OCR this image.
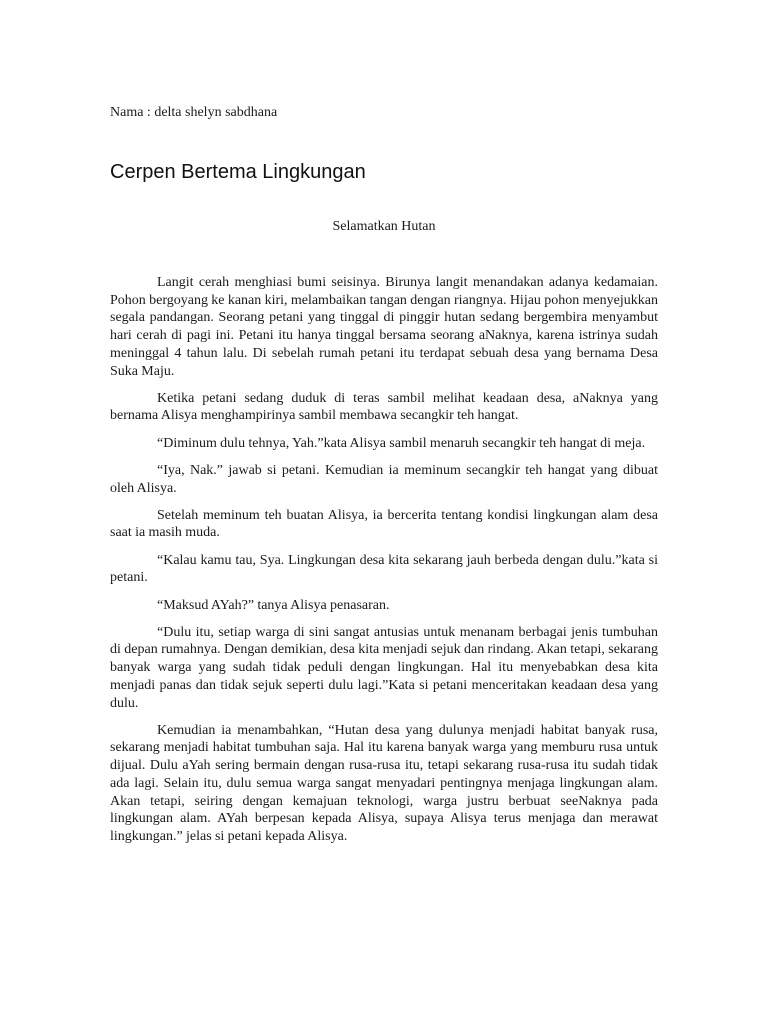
Nama : delta shelyn sabdhana
Cerpen Bertema Lingkungan
Selamatkan Hutan

Langit cerah menghiasi bumi seisinya. Birunya langit menandakan adanya kedamaian. Pohon bergoyang ke kanan kiri, melambaikan tangan dengan riangnya. Hijau pohon menyejukkan segala pandangan. Seorang petani yang tinggal di pinggir hutan sedang bergembira menyambut hari cerah di pagi ini. Petani itu hanya tinggal bersama seorang aNaknya, karena istrinya sudah meninggal 4 tahun lalu. Di sebelah rumah petani itu terdapat sebuah desa yang bernama Desa Suka Maju.

Ketika petani sedang duduk di teras sambil melihat keadaan desa, aNaknya yang bernama Alisya menghampirinya sambil membawa secangkir teh hangat.

“Diminum dulu tehnya, Yah.”kata Alisya sambil menaruh secangkir teh hangat di meja.

“Iya, Nak.” jawab si petani. Kemudian ia meminum secangkir teh hangat yang dibuat oleh Alisya.

Setelah meminum teh buatan Alisya, ia bercerita tentang kondisi lingkungan alam desa saat ia masih muda.

“Kalau kamu tau, Sya. Lingkungan desa kita sekarang jauh berbeda dengan dulu.”kata si petani.

“Maksud AYah?” tanya Alisya penasaran.

“Dulu itu, setiap warga di sini sangat antusias untuk menanam berbagai jenis tumbuhan di depan rumahnya. Dengan demikian, desa kita menjadi sejuk dan rindang. Akan tetapi, sekarang banyak warga yang sudah tidak peduli dengan lingkungan. Hal itu menyebabkan desa kita menjadi panas dan tidak sejuk seperti dulu lagi.”Kata si petani menceritakan keadaan desa yang dulu.

Kemudian ia menambahkan, “Hutan desa yang dulunya menjadi habitat banyak rusa, sekarang menjadi habitat tumbuhan saja. Hal itu karena banyak warga yang memburu rusa untuk dijual. Dulu aYah sering bermain dengan rusa-rusa itu, tetapi sekarang rusa-rusa itu sudah tidak ada lagi. Selain itu, dulu semua warga sangat menyadari pentingnya menjaga lingkungan alam. Akan tetapi, seiring dengan kemajuan teknologi, warga justru berbuat seeNaknya pada lingkungan alam. AYah berpesan kepada Alisya, supaya Alisya terus menjaga dan merawat lingkungan.” jelas si petani kepada Alisya.
